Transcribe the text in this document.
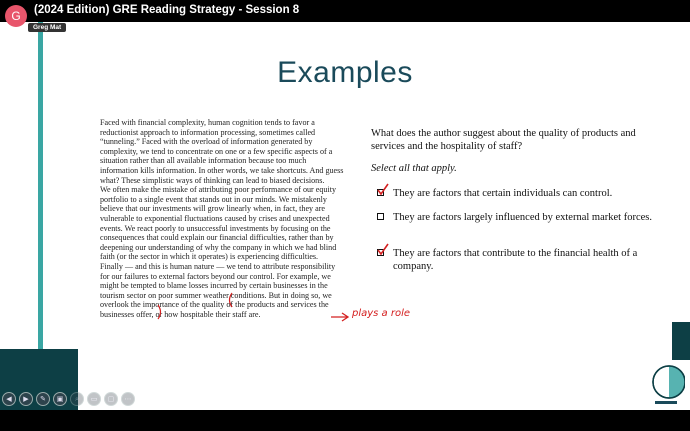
(2024 Edition) GRE Reading Strategy - Session 8
G
Greg Mat
Examples

Faced with financial complexity, human cognition tends to favor a reductionist approach to information processing, sometimes called “tunneling.” Faced with the overload of information generated by complexity, we tend to concentrate on one or a few specific aspects of a situation rather than all available information because too much information kills information. In other words, we take shortcuts. And guess what? These simplistic ways of thinking can lead to biased decisions.

We often make the mistake of attributing poor performance of our equity portfolio to a single event that stands out in our minds. We mistakenly believe that our investments will grow linearly when, in fact, they are vulnerable to exponential fluctuations caused by crises and unexpected events. We react poorly to unsuccessful investments by focusing on the consequences that could explain our financial difficulties, rather than by deepening our understanding of why the company in which we had blind faith (or the sector in which it operates) is experiencing difficulties.

Finally — and this is human nature — we tend to attribute responsibility for our failures to external factors beyond our control. For example, we might be tempted to blame losses incurred by certain businesses in the tourism sector on poor summer weather conditions. But in doing so, we overlook the importance of the quality of the products and services the businesses offer, or how hospitable their staff are.	plays a role
What does the author suggest about the quality of products and services and the hospitality of staff?
Select all that apply.
They are factors that certain individuals can control.
They are factors largely influenced by external market forces.
They are factors that contribute to the financial health of a company.
◀	▶	✎	▣	⌕	▭	▢	⋯
